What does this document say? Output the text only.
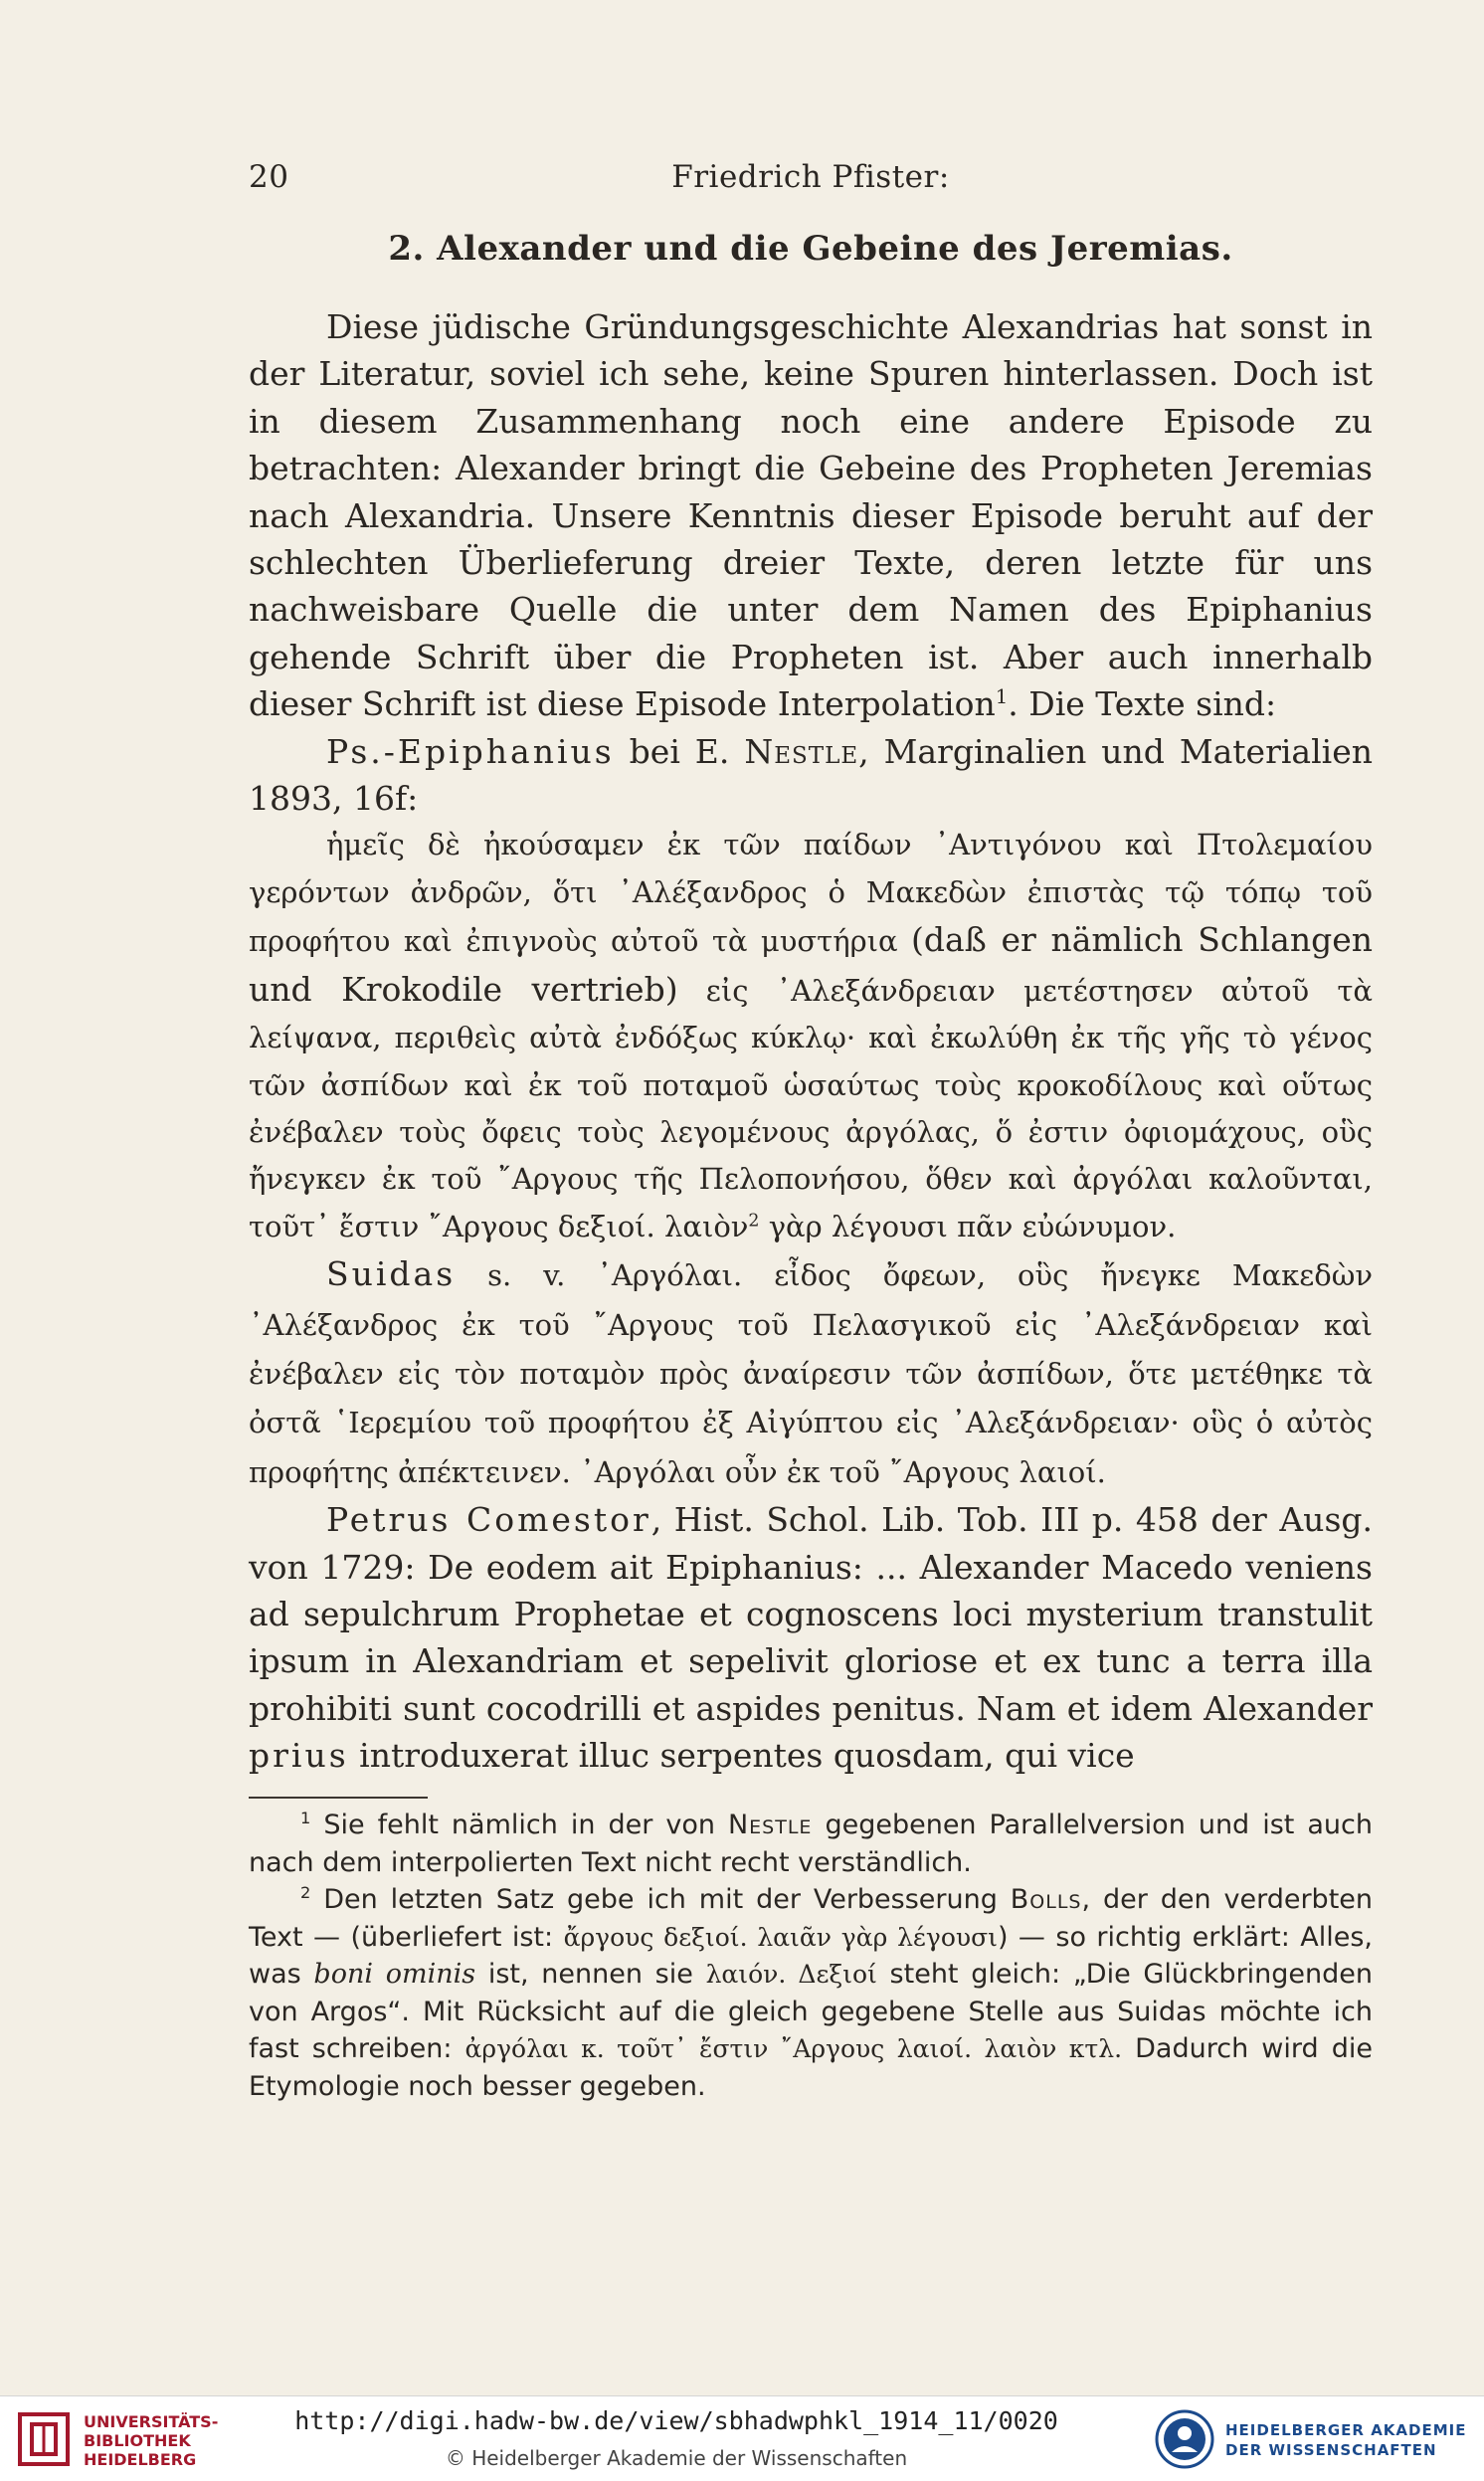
20	Friedrich Pfister:
2. Alexander und die Gebeine des Jeremias.

Diese jüdische Gründungsgeschichte Alexandrias hat sonst in der Literatur, soviel ich sehe, keine Spuren hinterlassen. Doch ist in diesem Zusammenhang noch eine andere Episode zu betrachten: Alexander bringt die Gebeine des Propheten Jeremias nach Alexandria. Unsere Kenntnis dieser Episode beruht auf der schlechten Überlieferung dreier Texte, deren letzte für uns nachweisbare Quelle die unter dem Namen des Epiphanius gehende Schrift über die Propheten ist. Aber auch innerhalb dieser Schrift ist diese Episode Interpolation$^1$. Die Texte sind:

Ps.-Epiphanius bei E. Nestle, Marginalien und Materialien 1893, 16f:

ἡμεῖς δὲ ἠκούσαμεν ἐκ τῶν παίδων ᾿Αντιγόνου καὶ Πτολεμαίου γερόντων ἀνδρῶν, ὅτι ᾿Αλέξανδρος ὁ Μακεδὼν ἐπιστὰς τῷ τόπῳ τοῦ προφήτου καὶ ἐπιγνοὺς αὐτοῦ τὰ μυστήρια (daß er nämlich Schlangen und Krokodile vertrieb) εἰς ᾿Αλεξάνδρειαν μετέστησεν αὐτοῦ τὰ λείψανα, περιθεὶς αὐτὰ ἐνδόξως κύκλῳ· καὶ ἐκωλύθη ἐκ τῆς γῆς τὸ γένος τῶν ἀσπίδων καὶ ἐκ τοῦ ποταμοῦ ὡσαύτως τοὺς κροκοδίλους καὶ οὕτως ἐνέβαλεν τοὺς ὄφεις τοὺς λεγομένους ἀργόλας, ὅ ἐστιν ὀφιομάχους, οὓς ἤνεγκεν ἐκ τοῦ ῎Αργους τῆς Πελοπονήσου, ὅθεν καὶ ἀργόλαι καλοῦνται, τοῦτ᾿ ἔστιν ῎Αργους δεξιοί. λαιὸν$^2$ γὰρ λέγουσι πᾶν εὐώνυμον.

Suidas s. v. ᾿Αργόλαι. εἶδος ὄφεων, οὓς ἤνεγκε Μακεδὼν ᾿Αλέξανδρος ἐκ τοῦ ῎Αργους τοῦ Πελασγικοῦ εἰς ᾿Αλεξάνδρειαν καὶ ἐνέβαλεν εἰς τὸν ποταμὸν πρὸς ἀναίρεσιν τῶν ἀσπίδων, ὅτε μετέθηκε τὰ ὀστᾶ ῾Ιερεμίου τοῦ προφήτου ἐξ Αἰγύπτου εἰς ᾿Αλεξάνδρειαν· οὓς ὁ αὐτὸς προφήτης ἀπέκτεινεν. ᾿Αργόλαι οὖν ἐκ τοῦ ῎Αργους λαιοί.

Petrus Comestor, Hist. Schol. Lib. Tob. III p. 458 der Ausg. von 1729: De eodem ait Epiphanius: ... Alexander Macedo veniens ad sepulchrum Prophetae et cognoscens loci mysterium transtulit ipsum in Alexandriam et sepelivit gloriose et ex tunc a terra illa prohibiti sunt cocodrilli et aspides penitus. Nam et idem Alexander prius introduxerat illuc serpentes quosdam, qui vice

$^1$ Sie fehlt nämlich in der von Nestle gegebenen Parallelversion und ist auch nach dem interpolierten Text nicht recht verständlich.

$^2$ Den letzten Satz gebe ich mit der Verbesserung Bolls, der den verderbten Text — (überliefert ist: ἄργους δεξιοί. λαιᾶν γὰρ λέγουσι) — so richtig erklärt: Alles, was boni ominis ist, nennen sie λαιόν. Δεξιοί steht gleich: „Die Glückbringenden von Argos“. Mit Rücksicht auf die gleich gegebene Stelle aus Suidas möchte ich fast schreiben: ἀργόλαι κ. τοῦτ᾿ ἔστιν ῎Αργους λαιοί. λαιὸν κτλ. Dadurch wird die Etymologie noch besser gegeben.

UNIVERSITÄTS-
BIBLIOTHEK
HEIDELBERG
http://digi.hadw-bw.de/view/sbhadwphkl_1914_11/0020
© Heidelberger Akademie der Wissenschaften
HEIDELBERGER AKADEMIE
DER WISSENSCHAFTEN
